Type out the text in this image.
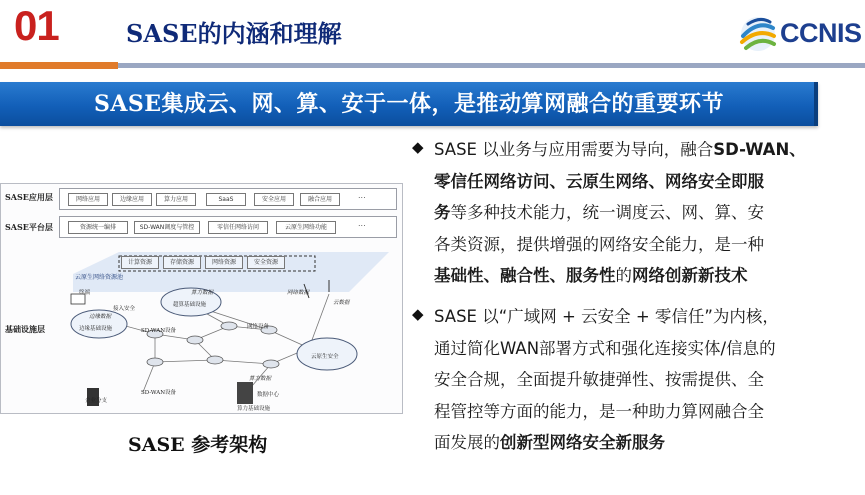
01	SASE的内涵和理解	CCNIS
SASE集成云、网、算、安于一体，是推动算网融合的重要环节
SASE应用层	网络应用	边缘应用	算力应用	SaaS	安全应用	融合应用	...
SASE平台层	资源统一编排	SD-WAN调度与管控	零信任网络访问	云原生网络功能	...
基础设施层
计算资源	存储资源	网络资源	安全资源
云原生网络资源池
终端
接入安全
边缘数据
边缘基础设施	SD-WAN设备
算力数据
超算基础设施
网络数据
云数据
网络设备
云原生安全
企业分支
SD-WAN设备
算力数据
数据中心
算力基础设施
SASE 参考架构
◆ SASE 以业务与应用需要为导向，融合SD-WAN、
零信任网络访问、云原生网络、网络安全即服
务等多种技术能力，统一调度云、网、算、安
各类资源，提供增强的网络安全能力，是一种
基础性、融合性、服务性的网络创新新技术
◆ SASE 以“广域网 + 云安全 + 零信任”为内核，
通过简化WAN部署方式和强化连接实体/信息的
安全合规，全面提升敏捷弹性、按需提供、全
程管控等方面的能力，是一种助力算网融合全
面发展的创新型网络安全新服务
